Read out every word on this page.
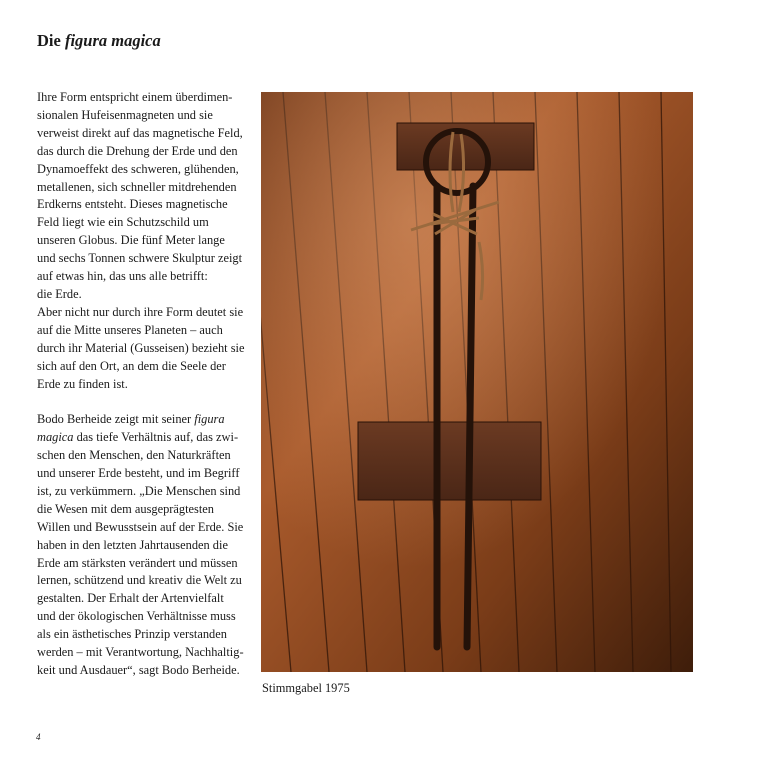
Die figura magica

Ihre Form entspricht einem überdimen-

sionalen Hufeisenmagneten und sie

verweist direkt auf das magnetische Feld,

das durch die Drehung der Erde und den

Dynamoeffekt des schweren, glühenden,

metallenen, sich schneller mitdrehenden

Erdkerns entsteht. Dieses magnetische

Feld liegt wie ein Schutzschild um

unseren Globus. Die fünf Meter lange

und sechs Tonnen schwere Skulptur zeigt

auf etwas hin, das uns alle betrifft:

die Erde.

Aber nicht nur durch ihre Form deutet sie

auf die Mitte unseres Planeten – auch

durch ihr Material (Gusseisen) bezieht sie

sich auf den Ort, an dem die Seele der

Erde zu finden ist.

Bodo Berheide zeigt mit seiner figura

magica das tiefe Verhältnis auf, das zwi-

schen den Menschen, den Naturkräften

und unserer Erde besteht, und im Begriff

ist, zu verkümmern. „Die Menschen sind

die Wesen mit dem ausgeprägtesten

Willen und Bewusstsein auf der Erde. Sie

haben in den letzten Jahrtausenden die

Erde am stärksten verändert und müssen

lernen, schützend und kreativ die Welt zu

gestalten. Der Erhalt der Artenvielfalt

und der ökologischen Verhältnisse muss

als ein ästhetisches Prinzip verstanden

werden – mit Verantwortung, Nachhaltig-

keit und Ausdauer“, sagt Bodo Berheide.

Stimmgabel 1975
4
